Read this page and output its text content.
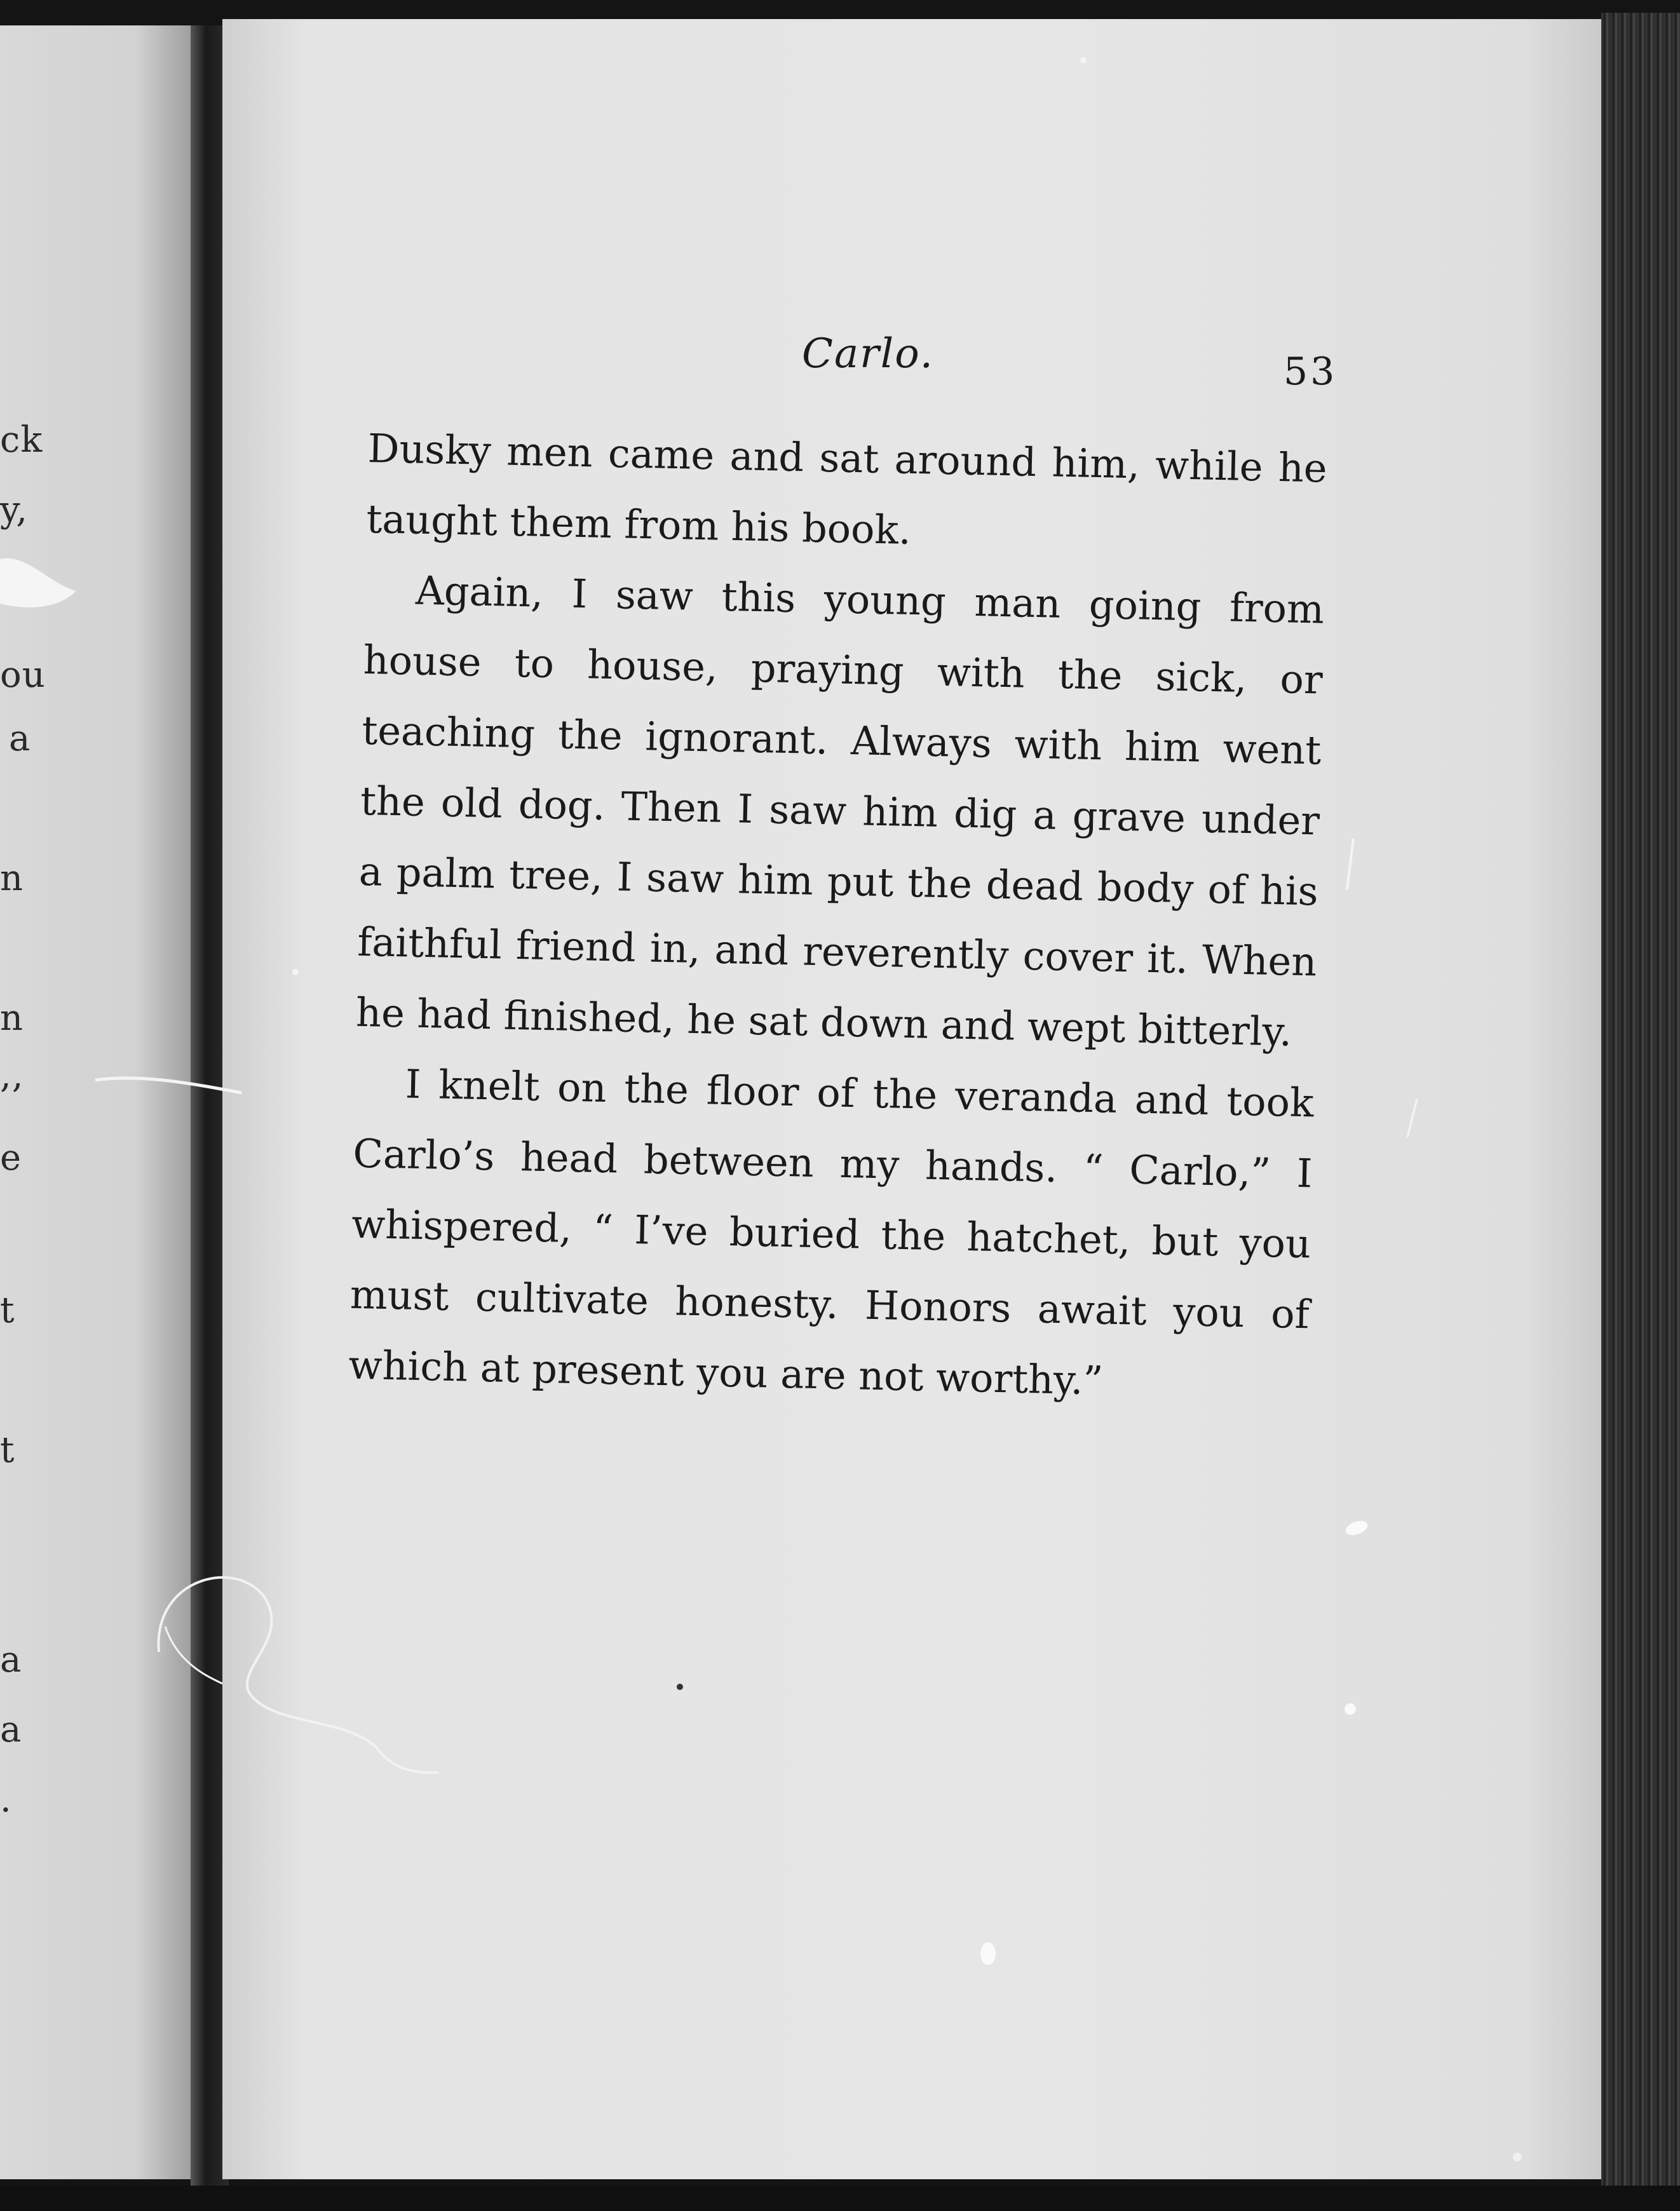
ck
y,
ou
a
n
n
,,
e
t
t
a
a
.
Carlo.	53

Dusky men came and sat around him, while he taught them from his book.

Again, I saw this young man going from house to house, praying with the sick, or teaching the ignorant. Always with him went the old dog. Then I saw him dig a grave under a palm tree, I saw him put the dead body of his faithful friend in, and reverently cover it. When he had finished, he sat down and wept bitterly.

I knelt on the floor of the veranda and took Carlo’s head between my hands. “ Carlo,” I whispered, “ I’ve buried the hatchet, but you must cultivate honesty. Honors await you of which at present you are not worthy.”
